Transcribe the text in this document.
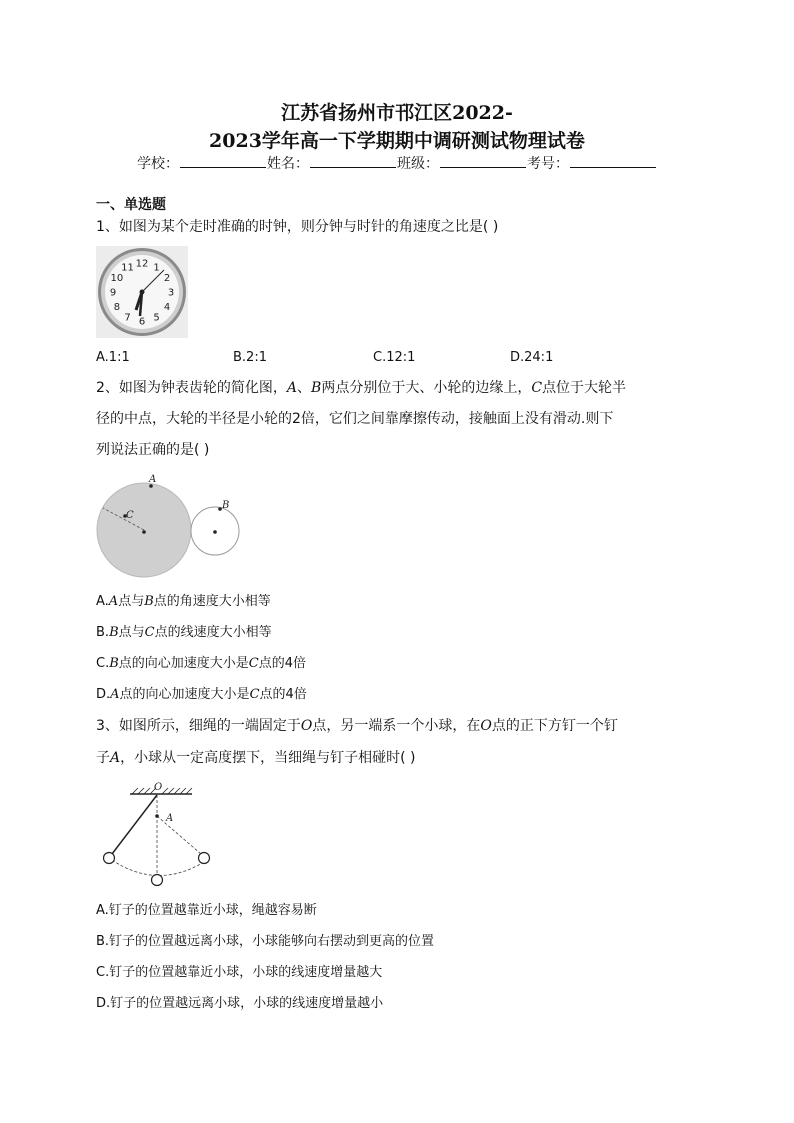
江苏省扬州市邗江区2022-
2023学年高一下学期期中调研测试物理试卷
学校：	姓名：	班级：	考号：
一、单选题
1、如图为某个走时准确的时钟，则分钟与时针的角速度之比是( )
12 1
2
3
4
5
6
7
8
9
10
11
A.1:1	B.2:1	C.12:1	D.24:1
2、如图为钟表齿轮的简化图，A、B两点分别位于大、小轮的边缘上，C点位于大轮半
径的中点，大轮的半径是小轮的2倍，它们之间靠摩擦传动，接触面上没有滑动.则下
列说法正确的是( )
A
C
B
A.A点与B点的角速度大小相等
B.B点与C点的线速度大小相等
C.B点的向心加速度大小是C点的4倍
D.A点的向心加速度大小是C点的4倍
3、如图所示，细绳的一端固定于O点，另一端系一个小球，在O点的正下方钉一个钉
子A，小球从一定高度摆下，当细绳与钉子相碰时( )
O
A
A.钉子的位置越靠近小球，绳越容易断
B.钉子的位置越远离小球，小球能够向右摆动到更高的位置
C.钉子的位置越靠近小球，小球的线速度增量越大
D.钉子的位置越远离小球，小球的线速度增量越小
